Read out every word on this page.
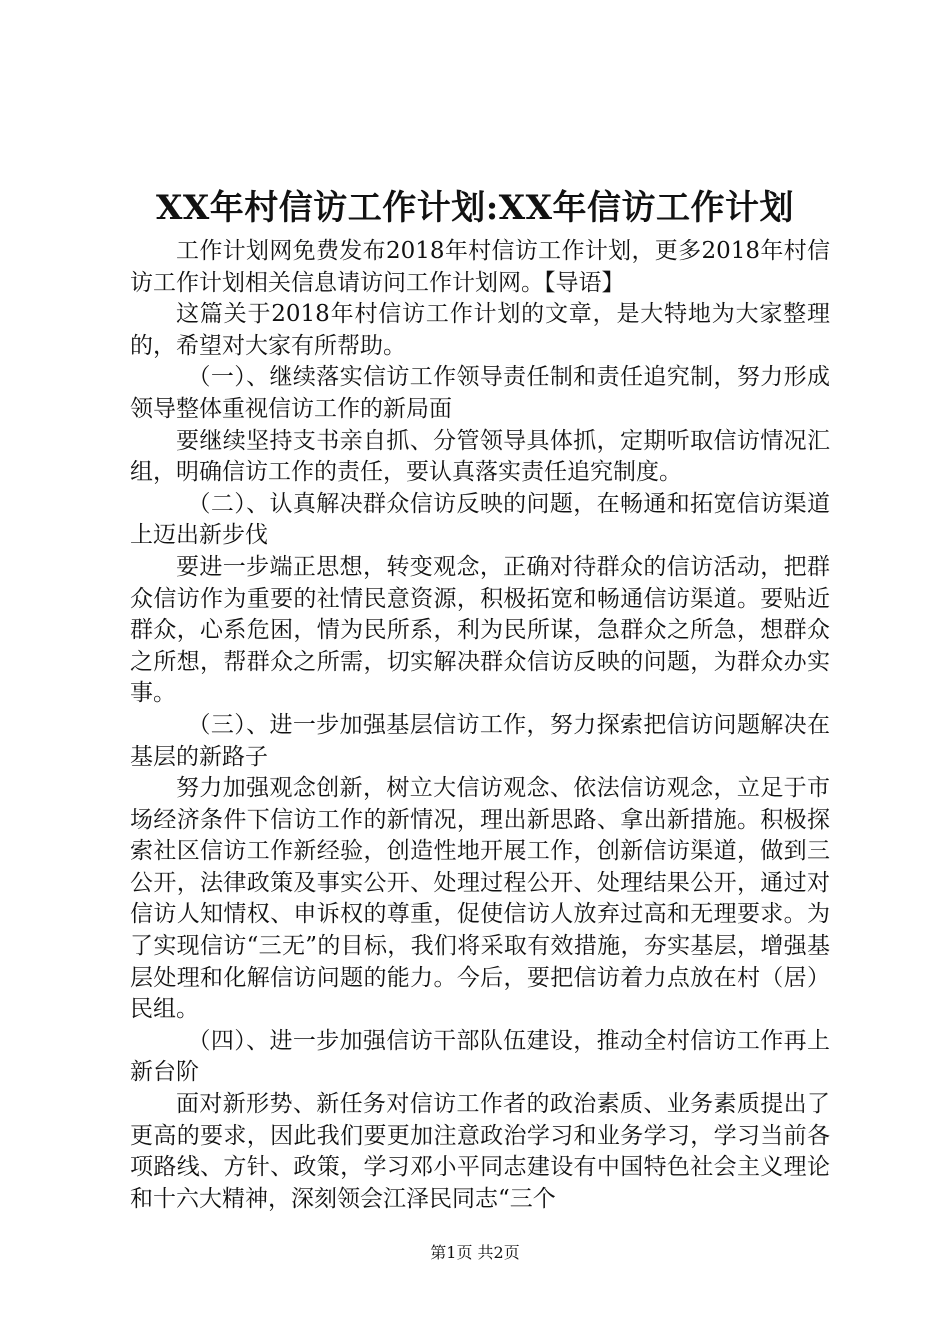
XX年村信访工作计划:XX年信访工作计划

工作计划网免费发布2018年村信访工作计划，更多2018年村信访工作计划相关信息请访问工作计划网。【导语】

这篇关于2018年村信访工作计划的文章，是大特地为大家整理的，希望对大家有所帮助。

（一）、继续落实信访工作领导责任制和责任追究制，努力形成领导整体重视信访工作的新局面

要继续坚持支书亲自抓、分管领导具体抓，定期听取信访情况汇组，明确信访工作的责任，要认真落实责任追究制度。

（二）、认真解决群众信访反映的问题，在畅通和拓宽信访渠道上迈出新步伐

要进一步端正思想，转变观念，正确对待群众的信访活动，把群众信访作为重要的社情民意资源，积极拓宽和畅通信访渠道。要贴近群众，心系危困，情为民所系，利为民所谋，急群众之所急，想群众之所想，帮群众之所需，切实解决群众信访反映的问题，为群众办实事。

（三）、进一步加强基层信访工作，努力探索把信访问题解决在基层的新路子

努力加强观念创新，树立大信访观念、依法信访观念，立足于市场经济条件下信访工作的新情况，理出新思路、拿出新措施。积极探索社区信访工作新经验，创造性地开展工作，创新信访渠道，做到三公开，法律政策及事实公开、处理过程公开、处理结果公开，通过对信访人知情权、申诉权的尊重，促使信访人放弃过高和无理要求。为了实现信访“三无”的目标，我们将采取有效措施，夯实基层，增强基层处理和化解信访问题的能力。今后，要把信访着力点放在村（居）民组。

（四）、进一步加强信访干部队伍建设，推动全村信访工作再上新台阶

面对新形势、新任务对信访工作者的政治素质、业务素质提出了更高的要求，因此我们要更加注意政治学习和业务学习，学习当前各项路线、方针、政策，学习邓小平同志建设有中国特色社会主义理论和十六大精神，深刻领会江泽民同志“三个

第1页 共2页
